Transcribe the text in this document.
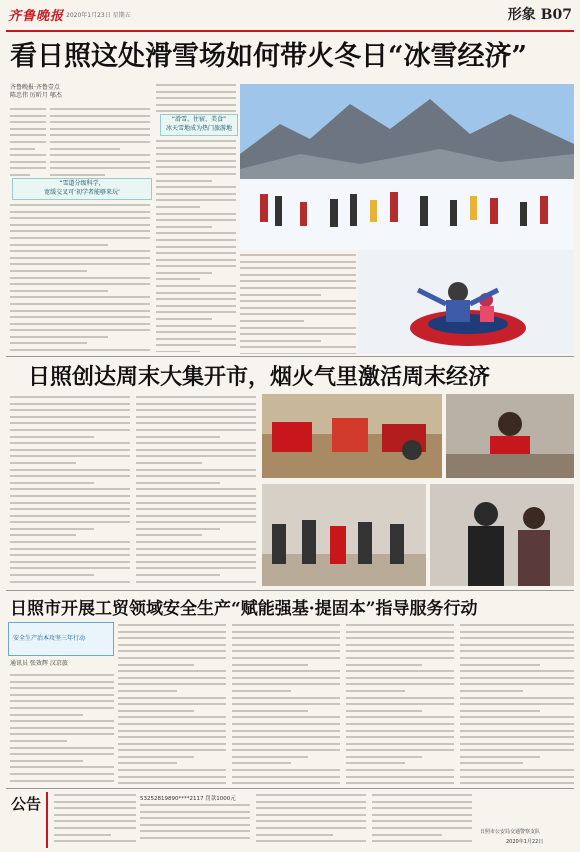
齐鲁晚报 2020年1月23日 星期五	形象 B07
看日照这处滑雪场如何带火冬日“冰雪经济”
齐鲁晚报·齐鲁壹点
陈忠伟 厉昕月 郇杰
“雪道分级科学，
宽缓交叉可‘初学者能够来玩’
“滑雪、住宿、美食”
冰天雪地成为热门旅游地
日照创达周末大集开市，烟火气里激活周末经济
日照市开展工贸领域安全生产“赋能强基·提固本”指导服务行动
安全生产治本攻坚三年行动
通讯员 张效辉 汉京旅
公告	53252819890****2117 罚款1000元
日照市公安局交通警察支队
2020年1月22日
